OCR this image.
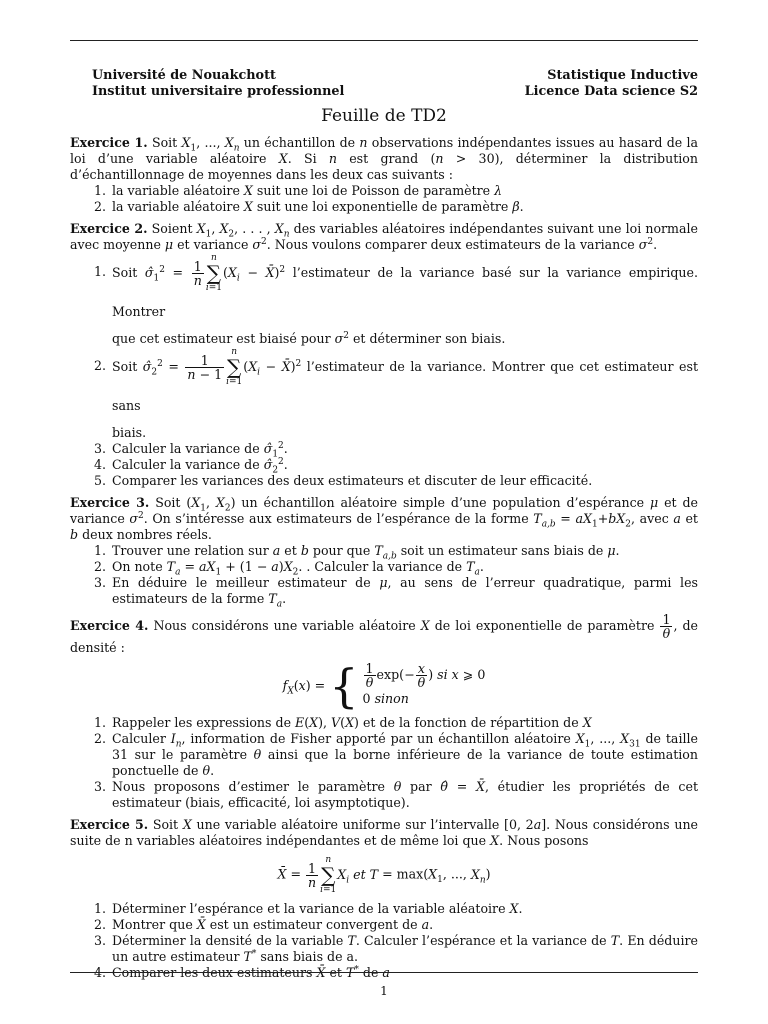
Université de Nouakchott
Institut universitaire professionnel
Statistique Inductive
Licence Data science S2
Feuille de TD2

Exercice 1. Soit $X_1$, ..., $X_n$ un échantillon de n observations indépendantes issues au hasard de la loi d’une variable aléatoire X. Si n est grand (n > 30), déterminer la distribution d’échantillonnage de moyennes dans les deux cas suivants :

1. la variable aléatoire X suit une loi de Poisson de paramètre λ
2. la variable aléatoire X suit une loi exponentielle de paramètre β.

Exercice 2. Soient $X_1$, $X_2$, . . . , $X_n$ des variables aléatoires indépendantes suivant une loi normale avec moyenne μ et variance $\sigma^2$. Nous voulons comparer deux estimateurs de la variance $\sigma^2$.

1. Soit $\sigmâ_1^2 = \frac{1}{n}$
n
∑
$i=1(X_i$ − X̄)$^2$ l’estimateur de la variance basé sur la variance empirique. Montrer
que cet estimateur est biaisé pour $\sigma^2$ et déterminer son biais.
2. Soit $\sigmâ_2^2 = \frac{1}{n - 1}$
n
∑
$i=1(X_i$ − X̄)$^2$ l’estimateur de la variance. Montrer que cet estimateur est sans
biais.
3. Calculer la variance de $\sigmâ_1^2$.
4. Calculer la variance de $\sigmâ_2^2$.
5. Comparer les variances des deux estimateurs et discuter de leur efficacité.

Exercice 3. Soit ($X_1$, $X_2$) un échantillon aléatoire simple d’une population d’espérance μ et de variance $\sigma^2$. On s’intéresse aux estimateurs de l’espérance de la forme $T_{a,b} = aX_1+bX_2$, avec a et b deux nombres réels.

1. Trouver une relation sur a et b pour que $T_{a,b}$ soit un estimateur sans biais de μ.
2. On note $T_a = aX_1 + (1 - a)X_2$. . Calculer la variance de $T_a$.
3. En déduire le meilleur estimateur de μ, au sens de l’erreur quadratique, parmi les estimateurs de la forme $T_a$.

Exercice 4. Nous considérons une variable aléatoire X de loi exponentielle de paramètre $\frac{1}{\theta}$ , de densité :

$f_X$ ( x ) = { $\frac{1}{\theta} \exp(- \frac{x}{\theta}$ ) si x ⩾ 0
0 sinon
1. Rappeler les expressions de E(X), V(X) et de la fonction de répartition de X
2. Calculer $I_n$, information de Fisher apporté par un échantillon aléatoire $X_1$, ..., $X_{31}$ de taille 31 sur le paramètre θ ainsi que la borne inférieure de la variance de toute estimation ponctuelle de θ.
3. Nous proposons d’estimer le paramètre θ par θ̂ = X̄, étudier les propriétés de cet estimateur (biais, efficacité, loi asymptotique).

Exercice 5. Soit X une variable aléatoire uniforme sur l’intervalle [0, 2a]. Nous considérons une suite de n variables aléatoires indépendantes et de même loi que X. Nous posons

X̄ = $\frac{1}{n}$
n
∑
$i=1X_i$ et $T = \max(X_1$, ..., $X_n$)
1. Déterminer l’espérance et la variance de la variable aléatoire X.
2. Montrer que X̄ est un estimateur convergent de a.
3. Déterminer la densité de la variable T. Calculer l’espérance et la variance de T. En déduire un autre estimateur T* sans biais de a.
4. Comparer les deux estimateurs X̄ et T* de a
1
